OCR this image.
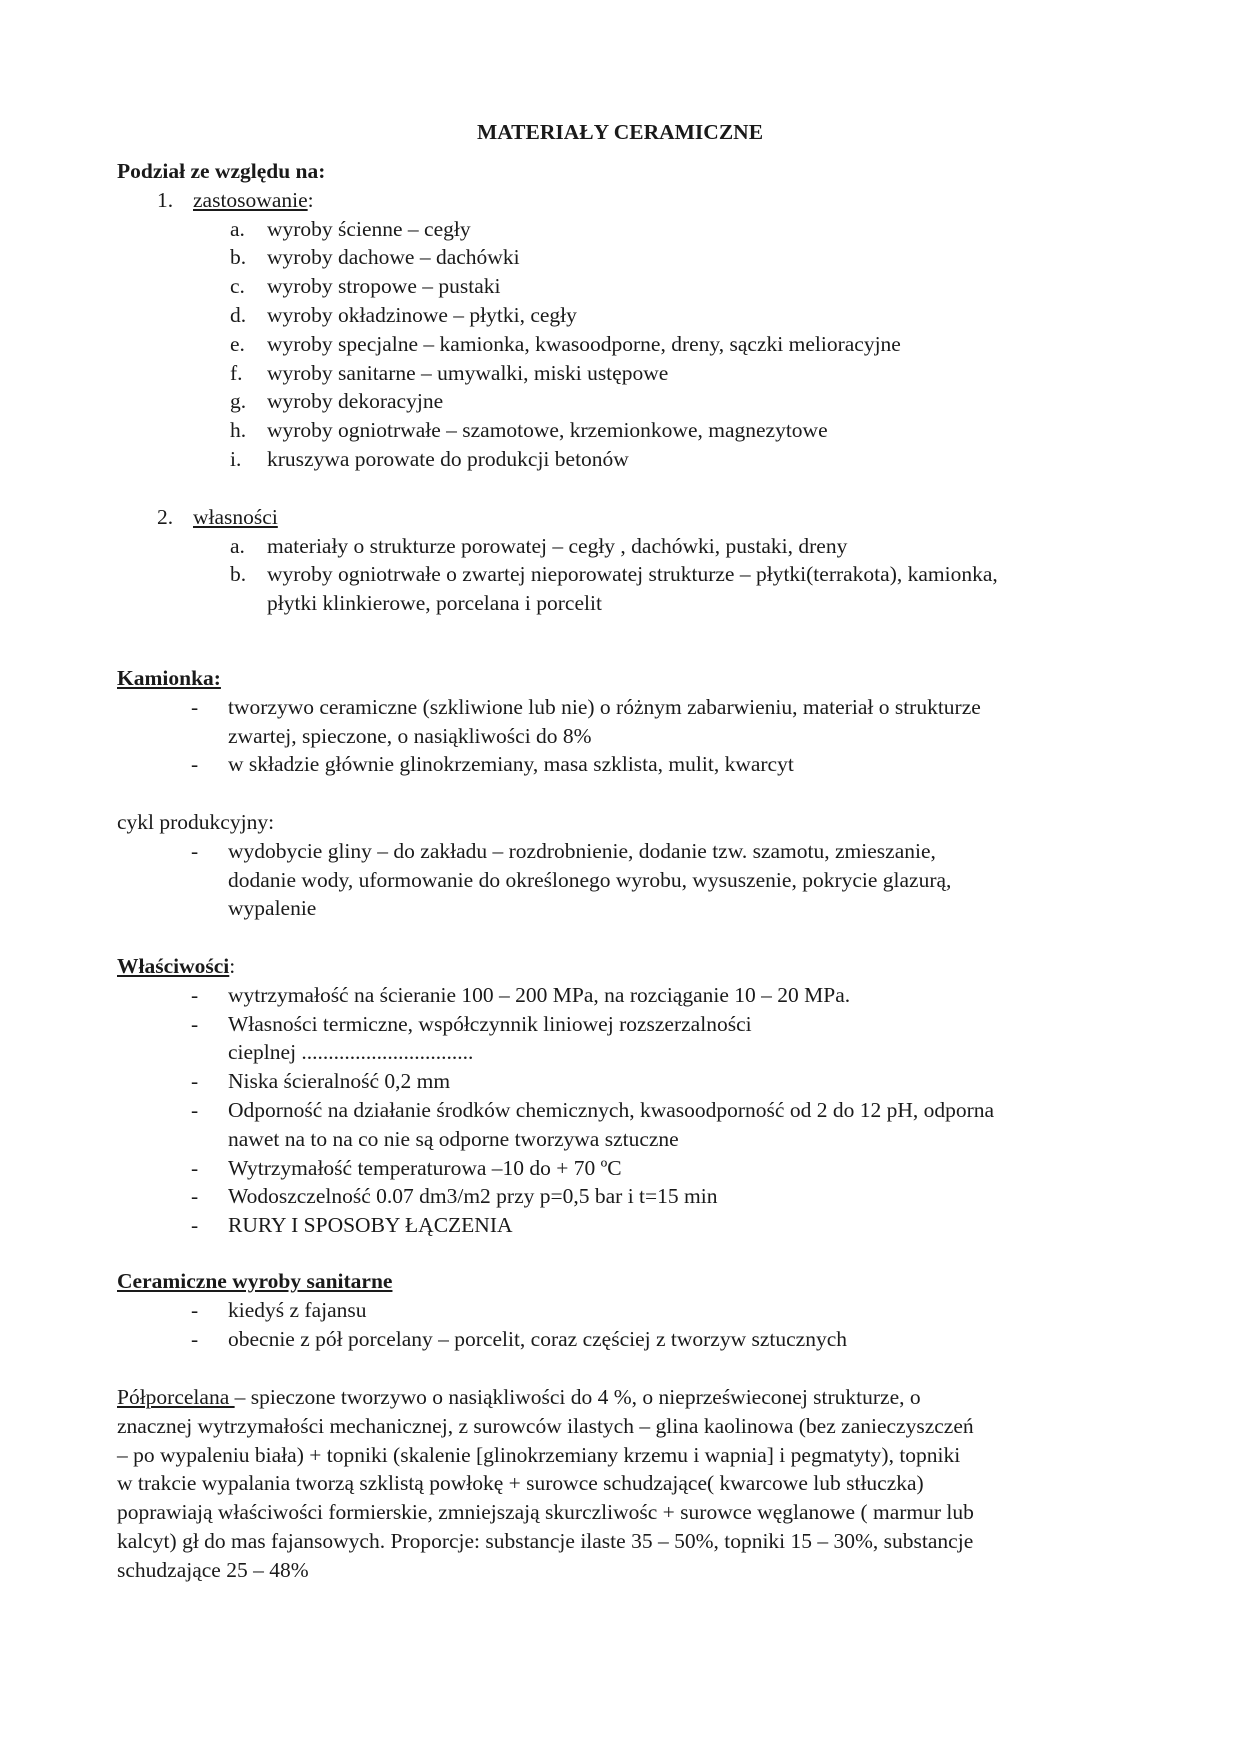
MATERIAŁY CERAMICZNE
Podział ze względu na:
1. zastosowanie:
a. wyroby ścienne – cegły
b. wyroby dachowe – dachówki
c. wyroby stropowe – pustaki
d. wyroby okładzinowe – płytki, cegły
e. wyroby specjalne – kamionka, kwasoodporne, dreny, sączki melioracyjne
f. wyroby sanitarne – umywalki, miski ustępowe
g. wyroby dekoracyjne
h. wyroby ogniotrwałe – szamotowe, krzemionkowe, magnezytowe
i. kruszywa porowate do produkcji betonów
2. własności
a. materiały o strukturze porowatej – cegły , dachówki, pustaki, dreny
b. wyroby ogniotrwałe o zwartej nieporowatej strukturze – płytki(terrakota), kamionka,
płytki klinkierowe, porcelana i porcelit
Kamionka:
- tworzywo ceramiczne (szkliwione lub nie) o różnym zabarwieniu, materiał o strukturze
zwartej, spieczone, o nasiąkliwości do 8%
- w składzie głównie glinokrzemiany, masa szklista, mulit, kwarcyt
cykl produkcyjny:
- wydobycie gliny – do zakładu – rozdrobnienie, dodanie tzw. szamotu, zmieszanie,
dodanie wody, uformowanie do określonego wyrobu, wysuszenie, pokrycie glazurą,
wypalenie
Właściwości:
- wytrzymałość na ścieranie 100 – 200 MPa, na rozciąganie 10 – 20 MPa.
- Własności termiczne, współczynnik liniowej rozszerzalności
cieplnej ................................
- Niska ścieralność 0,2 mm
- Odporność na działanie środków chemicznych, kwasoodporność od 2 do 12 pH, odporna
nawet na to na co nie są odporne tworzywa sztuczne
- Wytrzymałość temperaturowa –10 do + 70 ºC
- Wodoszczelność 0.07 dm3/m2 przy p=0,5 bar i t=15 min
- RURY I SPOSOBY ŁĄCZENIA
Ceramiczne wyroby sanitarne
- kiedyś z fajansu
- obecnie z pół porcelany – porcelit, coraz częściej z tworzyw sztucznych
Półporcelana – spieczone tworzywo o nasiąkliwości do 4 %, o nieprześwieconej strukturze, o
znacznej wytrzymałości mechanicznej, z surowców ilastych – glina kaolinowa (bez zanieczyszczeń
– po wypaleniu biała) + topniki (skalenie [glinokrzemiany krzemu i wapnia] i pegmatyty), topniki
w trakcie wypalania tworzą szklistą powłokę + surowce schudzające( kwarcowe lub stłuczka)
poprawiają właściwości formierskie, zmniejszają skurczliwośc + surowce węglanowe ( marmur lub
kalcyt) gł do mas fajansowych. Proporcje: substancje ilaste 35 – 50%, topniki 15 – 30%, substancje
schudzające 25 – 48%
